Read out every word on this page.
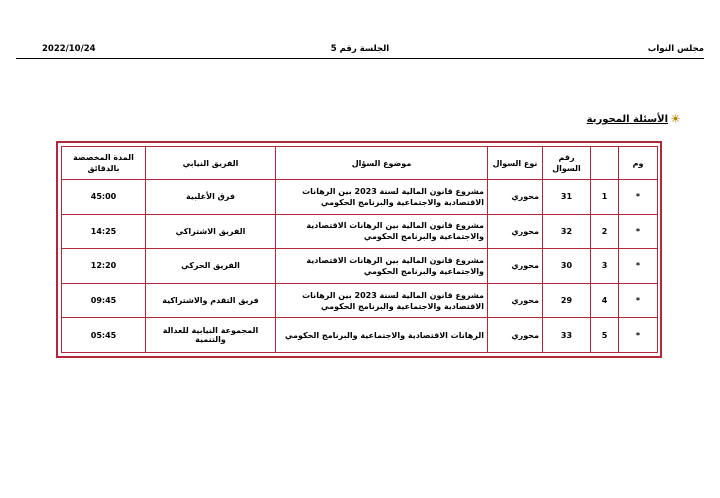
2022/10/24	الجلسة رقم 5	مجلس النواب
الأسئلة المحورية
المدة المخصصة بالدقائق	الفريق النيابي	موضوع السؤال	نوع السوال	رقم السوال		وم
45:00	فرق الأغلبية	مشروع قانون المالية لسنة 2023 بين الرهانات الاقتصادية والاجتماعية والبرنامج الحكومي	محوري	31	1	*
14:25	الفريق الاشتراكي	مشروع قانون المالية بين الرهانات الاقتصادية والاجتماعية والبرنامج الحكومي	محوري	32	2	*
12:20	الفريق الحركي	مشروع قانون المالية بين الرهانات الاقتصادية والاجتماعية والبرنامج الحكومي	محوري	30	3	*
09:45	فريق التقدم والاشتراكية	مشروع قانون المالية لسنة 2023 بين الرهانات الاقتصادية والاجتماعية والبرنامج الحكومي	محوري	29	4	*
05:45	المجموعة النيابية للعدالة والتنمية	الرهانات الاقتصادية والاجتماعية والبرنامج الحكومي	محوري	33	5	*
